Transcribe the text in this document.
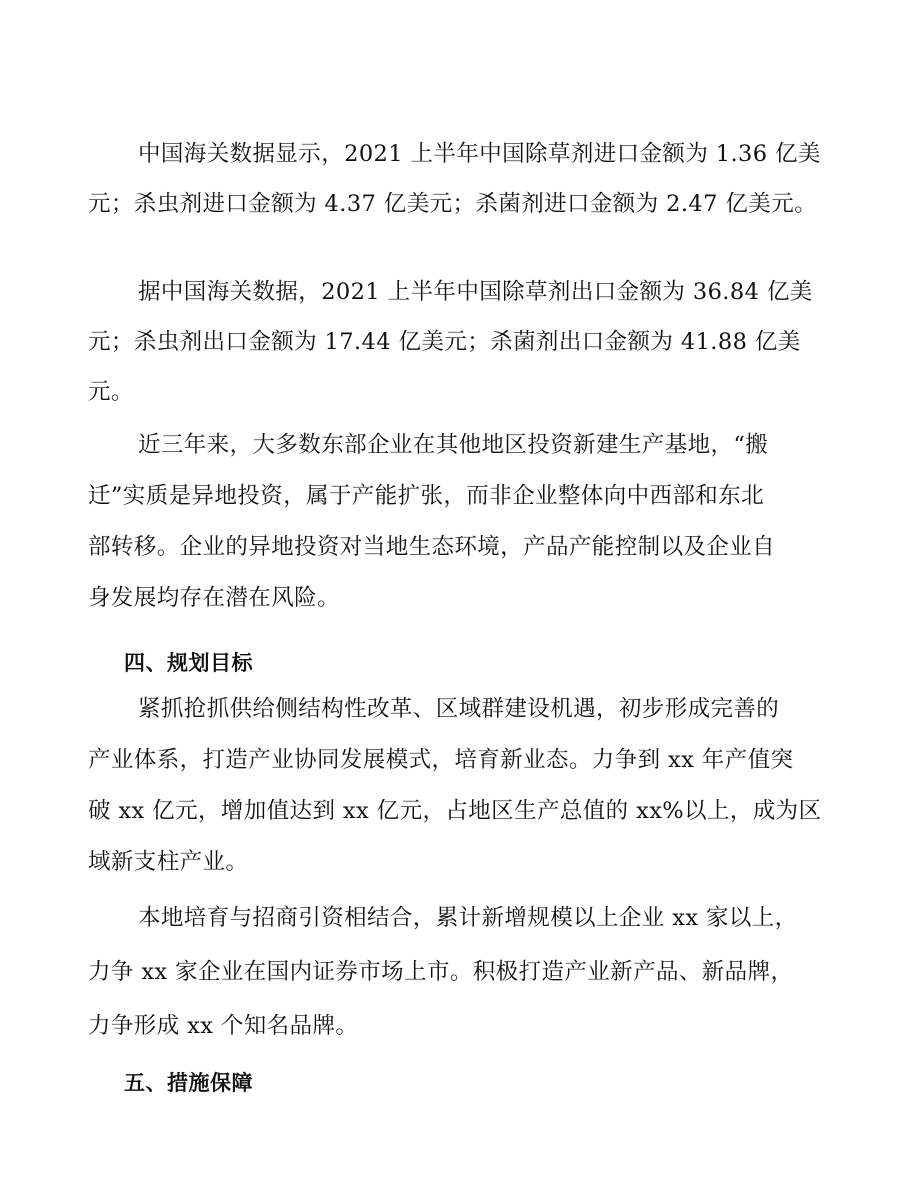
中国海关数据显示，2021 上半年中国除草剂进口金额为 1.36 亿美
元；杀虫剂进口金额为 4.37 亿美元；杀菌剂进口金额为 2.47 亿美元。
据中国海关数据，2021 上半年中国除草剂出口金额为 36.84 亿美
元；杀虫剂出口金额为 17.44 亿美元；杀菌剂出口金额为 41.88 亿美
元。
近三年来，大多数东部企业在其他地区投资新建生产基地，“搬
迁”实质是异地投资，属于产能扩张，而非企业整体向中西部和东北
部转移。企业的异地投资对当地生态环境，产品产能控制以及企业自
身发展均存在潜在风险。
四、规划目标
紧抓抢抓供给侧结构性改革、区域群建设机遇，初步形成完善的
产业体系，打造产业协同发展模式，培育新业态。力争到 xx 年产值突
破 xx 亿元，增加值达到 xx 亿元，占地区生产总值的 xx%以上，成为区
域新支柱产业。
本地培育与招商引资相结合，累计新增规模以上企业 xx 家以上，
力争 xx 家企业在国内证券市场上市。积极打造产业新产品、新品牌，
力争形成 xx 个知名品牌。
五、措施保障
